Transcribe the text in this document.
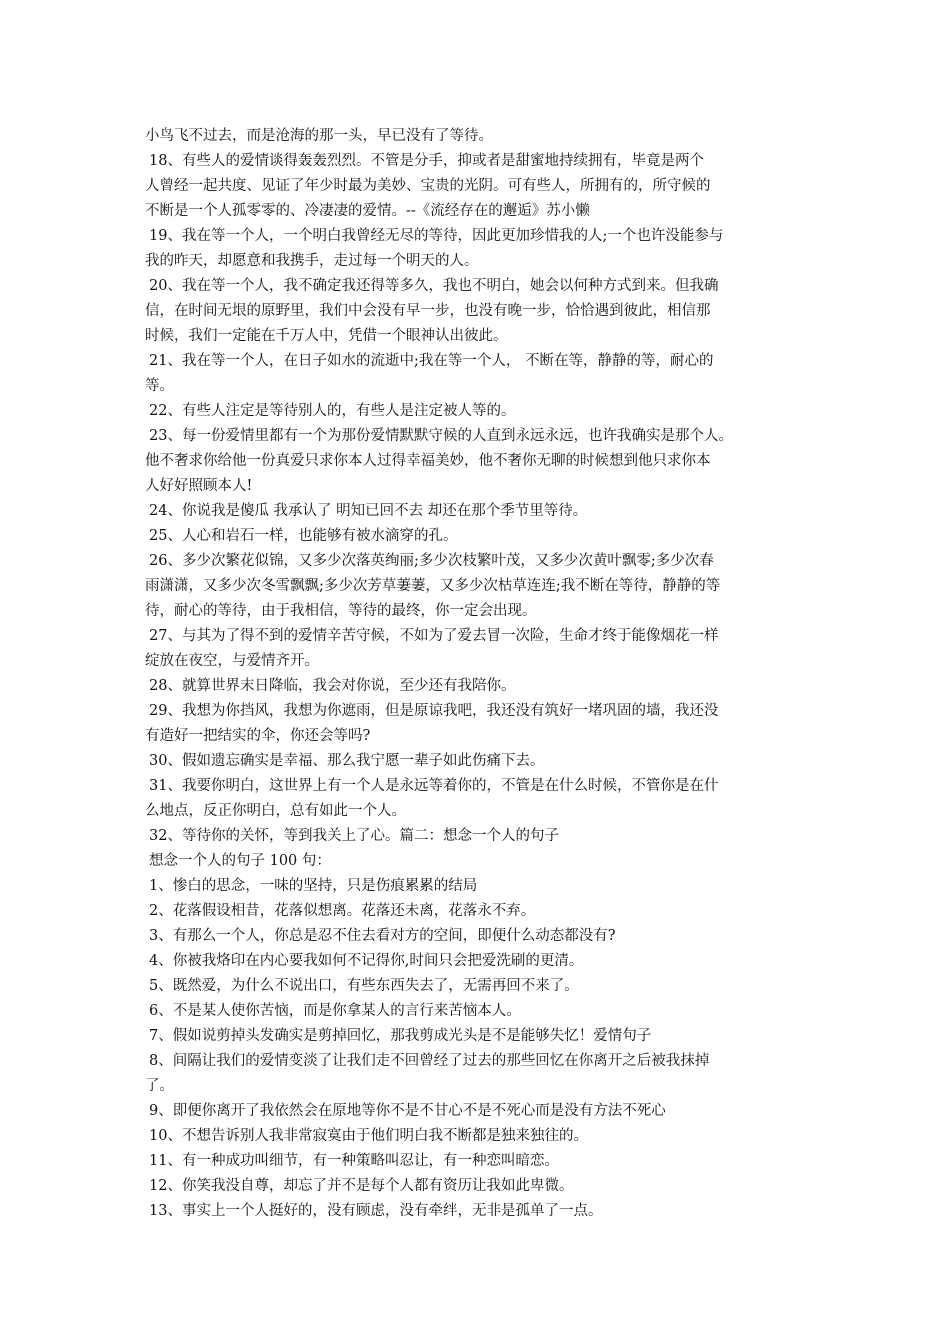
小鸟飞不过去，而是沧海的那一头，早已没有了等待。
18、有些人的爱情谈得轰轰烈烈。不管是分手，抑或者是甜蜜地持续拥有，毕竟是两个
人曾经一起共度、见证了年少时最为美妙、宝贵的光阴。可有些人，所拥有的，所守候的
不断是一个人孤零零的、冷凄凄的爱情。--《流经存在的邂逅》苏小懒
19、我在等一个人，一个明白我曾经无尽的等待，因此更加珍惜我的人;一个也许没能参与
我的昨天，却愿意和我携手，走过每一个明天的人。
20、我在等一个人，我不确定我还得等多久，我也不明白，她会以何种方式到来。但我确
信，在时间无垠的原野里，我们中会没有早一步，也没有晚一步，恰恰遇到彼此，相信那
时候，我们一定能在千万人中，凭借一个眼神认出彼此。
21、我在等一个人，在日子如水的流逝中;我在等一个人， 不断在等，静静的等，耐心的
等。
22、有些人注定是等待别人的，有些人是注定被人等的。
23、每一份爱情里都有一个为那份爱情默默守候的人直到永远永远，也许我确实是那个人。
他不奢求你给他一份真爱只求你本人过得幸福美妙，他不奢你无聊的时候想到他只求你本
人好好照顾本人!
24、你说我是傻瓜 我承认了 明知已回不去 却还在那个季节里等待。
25、人心和岩石一样，也能够有被水滴穿的孔。
26、多少次繁花似锦，又多少次落英绚丽;多少次枝繁叶茂，又多少次黄叶飘零;多少次春
雨潇潇，又多少次冬雪飘飘;多少次芳草萋萋，又多少次枯草连连;我不断在等待，静静的等
待，耐心的等待，由于我相信，等待的最终，你一定会出现。
27、与其为了得不到的爱情辛苦守候，不如为了爱去冒一次险，生命才终于能像烟花一样
绽放在夜空，与爱情齐开。
28、就算世界末日降临，我会对你说，至少还有我陪你。
29、我想为你挡风，我想为你遮雨，但是原谅我吧，我还没有筑好一堵巩固的墙，我还没
有造好一把结实的伞，你还会等吗?
30、假如遗忘确实是幸福、那么我宁愿一辈子如此伤痛下去。
31、我要你明白，这世界上有一个人是永远等着你的，不管是在什么时候，不管你是在什
么地点，反正你明白，总有如此一个人。
32、等待你的关怀，等到我关上了心。篇二：想念一个人的句子
想念一个人的句子 100 句：
1、惨白的思念，一味的坚持，只是伤痕累累的结局
2、花落假设相昔，花落似想离。花落还未离，花落永不弃。
3、有那么一个人，你总是忍不住去看对方的空间，即便什么动态都没有?
4、你被我烙印在内心要我如何不记得你,时间只会把爱洗刷的更清。
5、既然爱，为什么不说出口，有些东西失去了，无需再回不来了。
6、不是某人使你苦恼，而是你拿某人的言行来苦恼本人。
7、假如说剪掉头发确实是剪掉回忆，那我剪成光头是不是能够失忆！爱情句子
8、间隔让我们的爱情变淡了让我们走不回曾经了过去的那些回忆在你离开之后被我抹掉
了。
9、即便你离开了我依然会在原地等你不是不甘心不是不死心而是没有方法不死心
10、不想告诉别人我非常寂寞由于他们明白我不断都是独来独往的。
11、有一种成功叫细节，有一种策略叫忍让，有一种恋叫暗恋。
12、你笑我没自尊，却忘了并不是每个人都有资历让我如此卑微。
13、事实上一个人挺好的，没有顾虑，没有牵绊，无非是孤单了一点。
